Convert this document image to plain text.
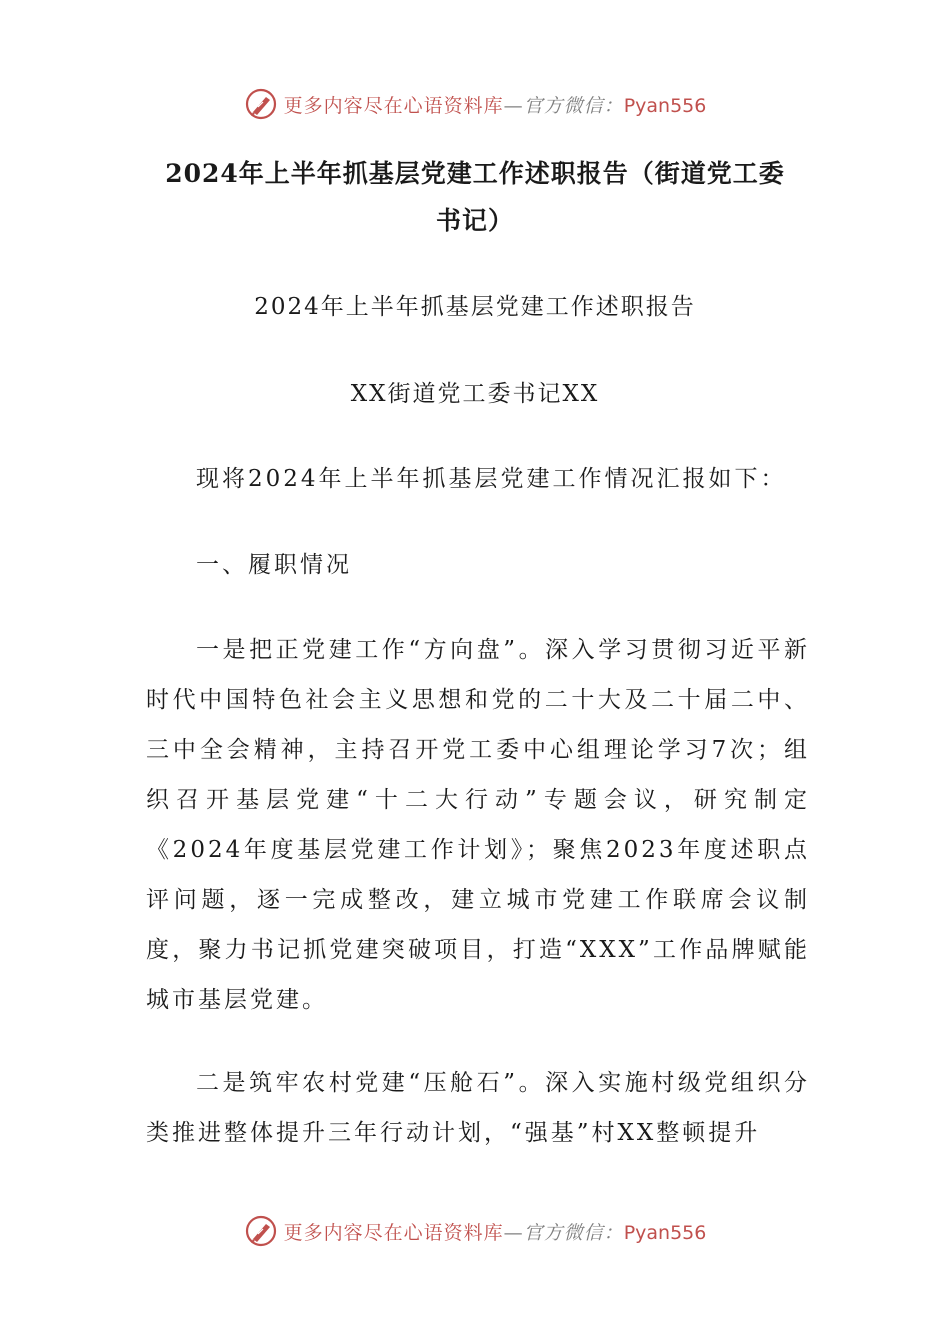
更多内容尽在心语资料库—官方微信：Pyan556
2024年上半年抓基层党建工作述职报告（街道党工委书记）

2024年上半年抓基层党建工作述职报告

XX街道党工委书记XX

现将2024年上半年抓基层党建工作情况汇报如下：

一、履职情况

一是把正党建工作“方向盘”。深入学习贯彻习近平新时代中国特色社会主义思想和党的二十大及二十届二中、三中全会精神，主持召开党工委中心组理论学习7次；组织召开基层党建“十二大行动”专题会议，研究制定《2024年度基层党建工作计划》；聚焦2023年度述职点评问题，逐一完成整改，建立城市党建工作联席会议制度，聚力书记抓党建突破项目，打造“XXX”工作品牌赋能城市基层党建。

二是筑牢农村党建“压舱石”。深入实施村级党组织分类推进整体提升三年行动计划，“强基”村XX整顿提升

更多内容尽在心语资料库—官方微信：Pyan556
